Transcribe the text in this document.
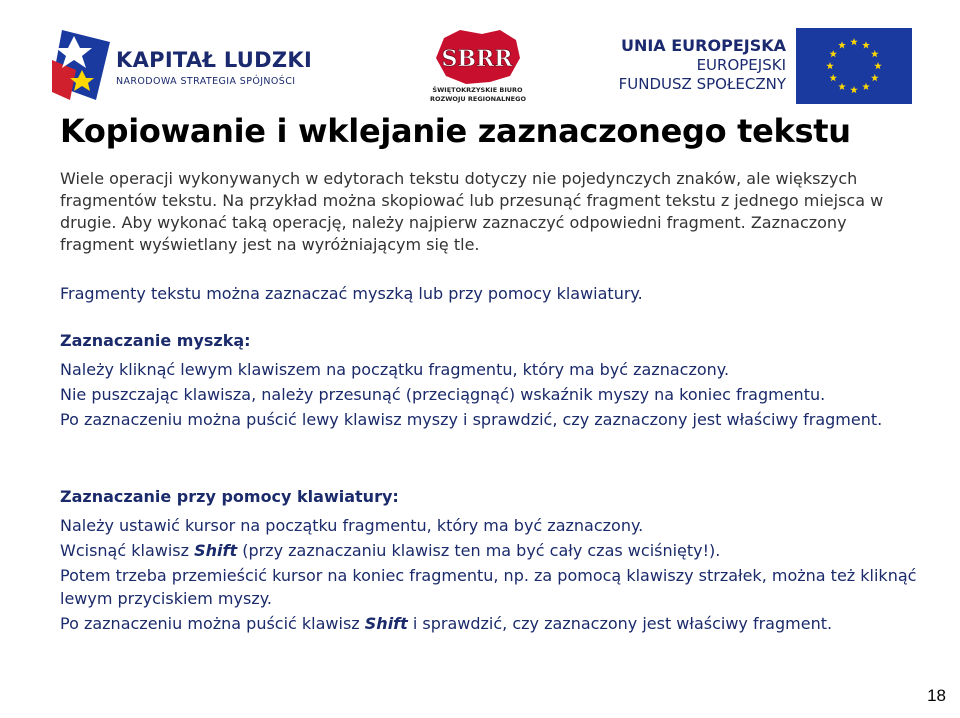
KAPITAŁ LUDZKI
NARODOWA STRATEGIA SPÓJNOŚCI
SBRR
ŚWIĘTOKRZYSKIE BIURO
ROZWOJU REGIONALNEGO
UNIA EUROPEJSKA
EUROPEJSKI
FUNDUSZ SPOŁECZNY
Kopiowanie i wklejanie zaznaczonego tekstu

Wiele operacji wykonywanych w edytorach tekstu dotyczy nie pojedynczych znaków, ale większych fragmentów tekstu. Na przykład można skopiować lub przesunąć fragment tekstu z jednego miejsca w drugie. Aby wykonać taką operację, należy najpierw zaznaczyć odpowiedni fragment. Zaznaczony fragment wyświetlany jest na wyróżniającym się tle.

Fragmenty tekstu można zaznaczać myszką lub przy pomocy klawiatury.

Zaznaczanie myszką:

Należy kliknąć lewym klawiszem na początku fragmentu, który ma być zaznaczony.

Nie puszczając klawisza, należy przesunąć (przeciągnąć) wskaźnik myszy na koniec fragmentu.

Po zaznaczeniu można puścić lewy klawisz myszy i sprawdzić, czy zaznaczony jest właściwy fragment.

Zaznaczanie przy pomocy klawiatury:

Należy ustawić kursor na początku fragmentu, który ma być zaznaczony.

Wcisnąć klawisz Shift (przy zaznaczaniu klawisz ten ma być cały czas wciśnięty!).

Potem trzeba przemieścić kursor na koniec fragmentu, np. za pomocą klawiszy strzałek, można też kliknąć lewym przyciskiem myszy.

Po zaznaczeniu można puścić klawisz Shift i sprawdzić, czy zaznaczony jest właściwy fragment.

18
